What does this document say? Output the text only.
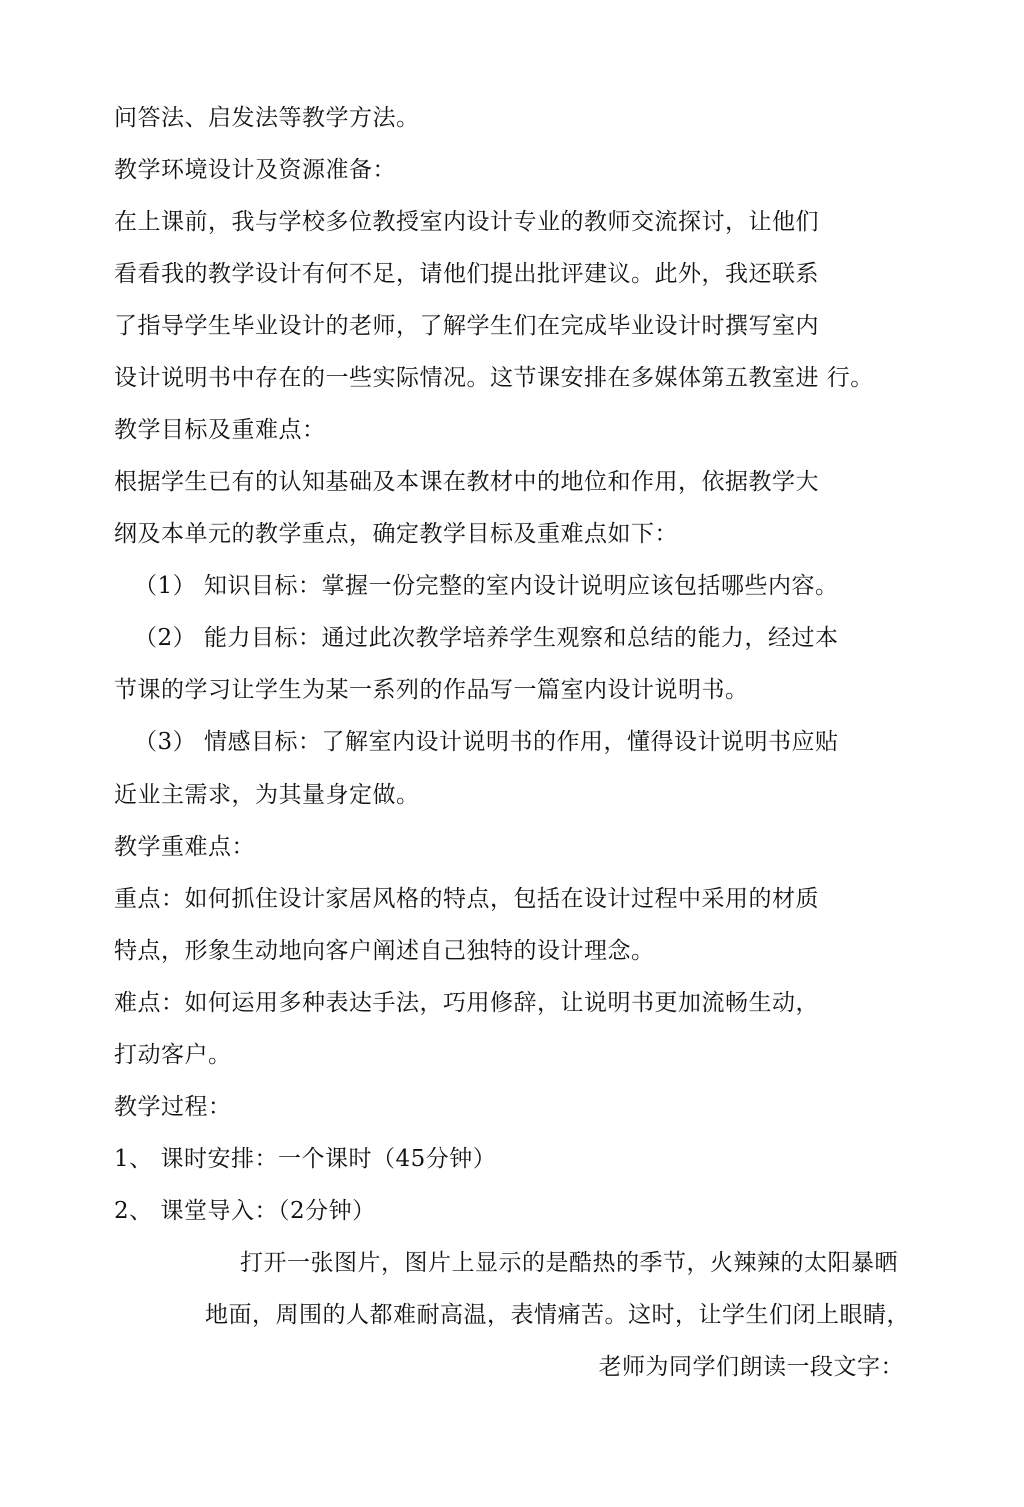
问答法、启发法等教学方法。
教学环境设计及资源准备：
在上课前，我与学校多位教授室内设计专业的教师交流探讨，让他们
看看我的教学设计有何不足，请他们提出批评建议。此外，我还联系
了指导学生毕业设计的老师，了解学生们在完成毕业设计时撰写室内
设计说明书中存在的一些实际情况。这节课安排在多媒体第五教室进 行。
教学目标及重难点：
根据学生已有的认知基础及本课在教材中的地位和作用，依据教学大
纲及本单元的教学重点，确定教学目标及重难点如下：
（1） 知识目标：掌握一份完整的室内设计说明应该包括哪些内容。
（2） 能力目标：通过此次教学培养学生观察和总结的能力，经过本
节课的学习让学生为某一系列的作品写一篇室内设计说明书。
（3） 情感目标：了解室内设计说明书的作用，懂得设计说明书应贴
近业主需求，为其量身定做。
教学重难点：
重点：如何抓住设计家居风格的特点，包括在设计过程中采用的材质
特点，形象生动地向客户阐述自己独特的设计理念。
难点：如何运用多种表达手法，巧用修辞，让说明书更加流畅生动，
打动客户。
教学过程：
1、 课时安排：一个课时（45分钟）
2、 课堂导入：（2分钟）
打开一张图片，图片上显示的是酷热的季节，火辣辣的太阳暴晒
地面，周围的人都难耐高温，表情痛苦。这时，让学生们闭上眼睛，
老师为同学们朗读一段文字：
